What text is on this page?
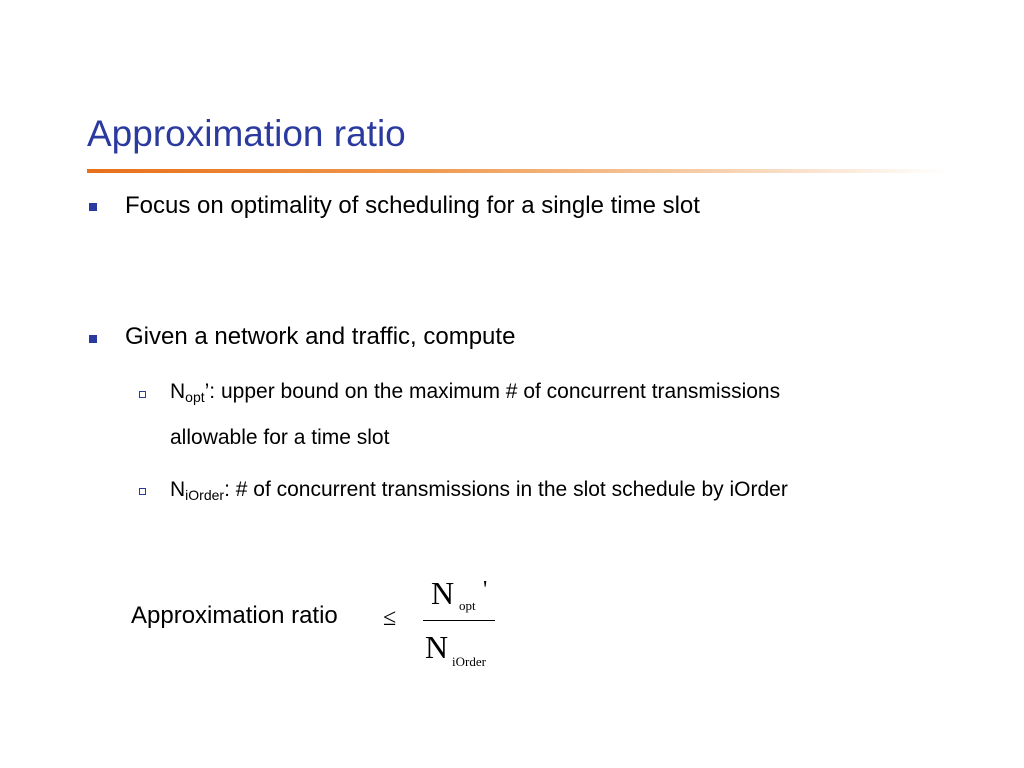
Approximation ratio
Focus on optimality of scheduling for a single time slot
Given a network and traffic, compute
$N_{opt}$’: upper bound on the maximum # of concurrent transmissions
allowable for a time slot
$N_{iOrder}$: # of concurrent transmissions in the slot schedule by iOrder
Approximation ratio ≤
N opt
'
N iOrder
